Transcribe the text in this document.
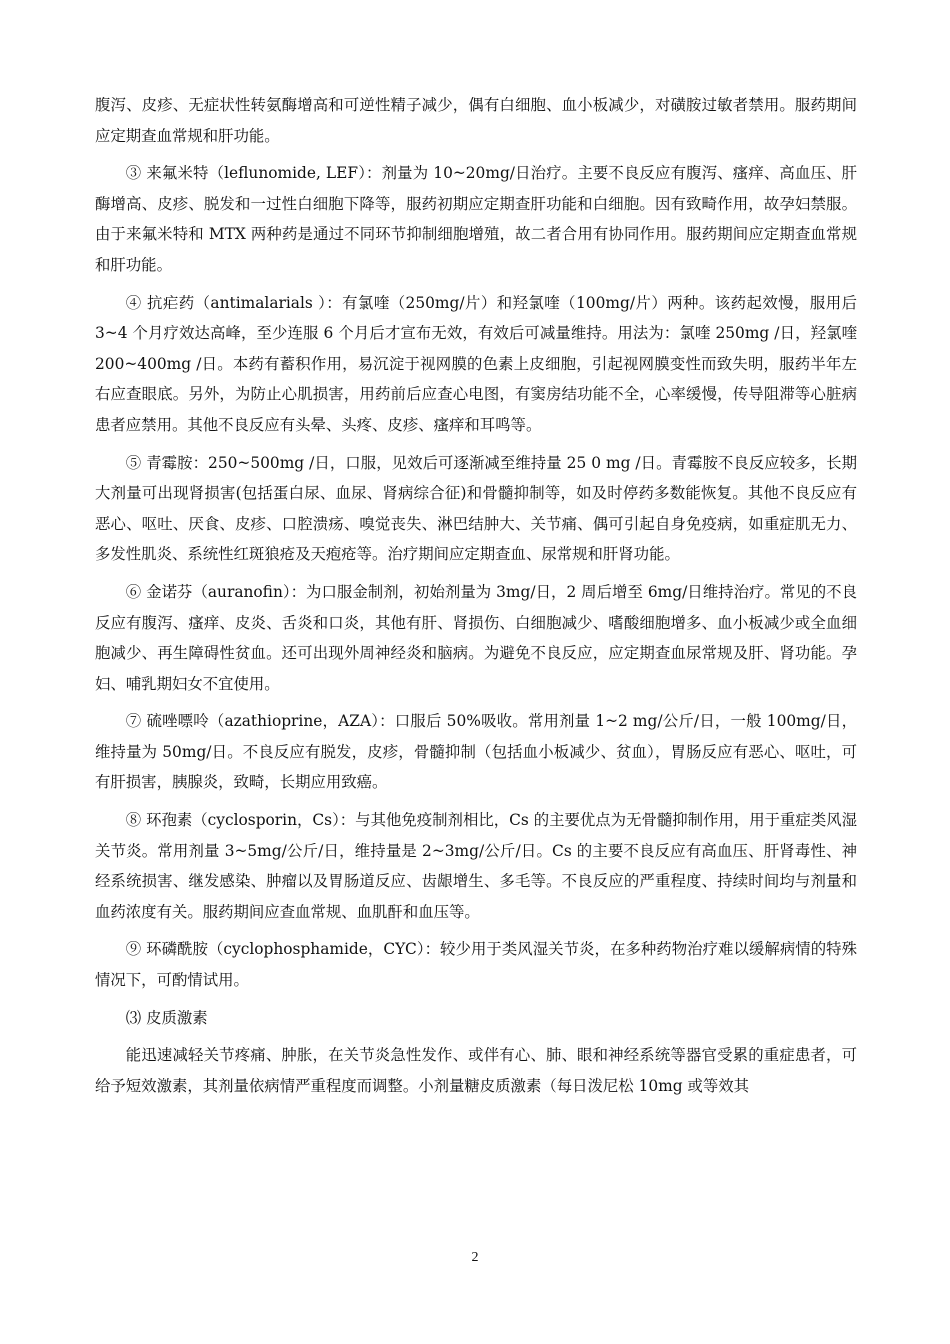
腹泻、皮疹、无症状性转氨酶增高和可逆性精子减少，偶有白细胞、血小板减少，对磺胺过敏者禁用。服药期间应定期查血常规和肝功能。

③ 来氟米特（leflunomide, LEF）：剂量为 10~20mg/日治疗。主要不良反应有腹泻、瘙痒、高血压、肝酶增高、皮疹、脱发和一过性白细胞下降等，服药初期应定期查肝功能和白细胞。因有致畸作用，故孕妇禁服。由于来氟米特和 MTX 两种药是通过不同环节抑制细胞增殖，故二者合用有协同作用。服药期间应定期查血常规和肝功能。

④ 抗疟药（antimalarials ）：有氯喹（250mg/片）和羟氯喹（100mg/片）两种。该药起效慢，服用后 3~4 个月疗效达高峰，至少连服 6 个月后才宣布无效，有效后可减量维持。用法为：氯喹 250mg /日，羟氯喹 200~400mg /日。本药有蓄积作用，易沉淀于视网膜的色素上皮细胞，引起视网膜变性而致失明，服药半年左右应查眼底。另外，为防止心肌损害，用药前后应查心电图，有窦房结功能不全，心率缓慢，传导阻滞等心脏病患者应禁用。其他不良反应有头晕、头疼、皮疹、瘙痒和耳鸣等。

⑤ 青霉胺：250~500mg /日，口服，见效后可逐渐减至维持量 25 0 mg /日。青霉胺不良反应较多，长期大剂量可出现肾损害(包括蛋白尿、血尿、肾病综合征)和骨髓抑制等，如及时停药多数能恢复。其他不良反应有恶心、呕吐、厌食、皮疹、口腔溃疡、嗅觉丧失、淋巴结肿大、关节痛、偶可引起自身免疫病，如重症肌无力、多发性肌炎、系统性红斑狼疮及天疱疮等。治疗期间应定期查血、尿常规和肝肾功能。

⑥ 金诺芬（auranofin）：为口服金制剂，初始剂量为 3mg/日，2 周后增至 6mg/日维持治疗。常见的不良反应有腹泻、瘙痒、皮炎、舌炎和口炎，其他有肝、肾损伤、白细胞减少、嗜酸细胞增多、血小板减少或全血细胞减少、再生障碍性贫血。还可出现外周神经炎和脑病。为避免不良反应，应定期查血尿常规及肝、肾功能。孕妇、哺乳期妇女不宜使用。

⑦ 硫唑嘌呤（azathioprine，AZA）：口服后 50%吸收。常用剂量 1~2 mg/公斤/日，一般 100mg/日，维持量为 50mg/日。不良反应有脱发，皮疹，骨髓抑制（包括血小板减少、贫血），胃肠反应有恶心、呕吐，可有肝损害，胰腺炎，致畸，长期应用致癌。

⑧ 环孢素（cyclosporin，Cs）：与其他免疫制剂相比，Cs 的主要优点为无骨髓抑制作用，用于重症类风湿关节炎。常用剂量 3~5mg/公斤/日，维持量是 2~3mg/公斤/日。Cs 的主要不良反应有高血压、肝肾毒性、神经系统损害、继发感染、肿瘤以及胃肠道反应、齿龈增生、多毛等。不良反应的严重程度、持续时间均与剂量和血药浓度有关。服药期间应查血常规、血肌酐和血压等。

⑨ 环磷酰胺（cyclophosphamide，CYC）：较少用于类风湿关节炎，在多种药物治疗难以缓解病情的特殊情况下，可酌情试用。

⑶ 皮质激素

能迅速减轻关节疼痛、肿胀，在关节炎急性发作、或伴有心、肺、眼和神经系统等器官受累的重症患者，可给予短效激素，其剂量依病情严重程度而调整。小剂量糖皮质激素（每日泼尼松 10mg 或等效其

2
